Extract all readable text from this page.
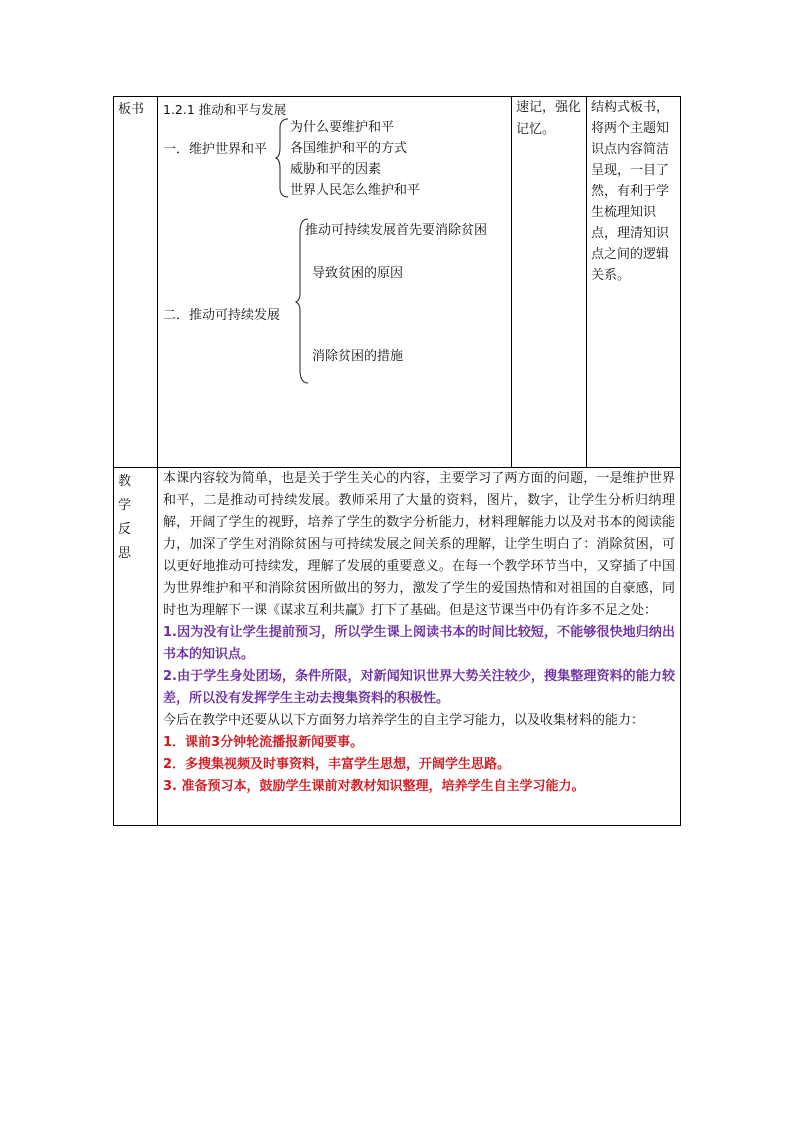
板书	1.2.1 推动和平与发展
一．维护世界和平
为什么要维护和平
各国维护和平的方式
威胁和平的因素
世界人民怎么维护和平
二．推动可持续发展
推动可持续发展首先要消除贫困
导致贫困的原因
消除贫困的措施
速记，强化记忆。
结构式板书，将两个主题知识点内容简洁呈现，一目了然，有利于学生梳理知识点，理清知识点之间的逻辑关系。
教学反思

本课内容较为简单，也是关于学生关心的内容，主要学习了两方面的问题，一是维护世界和平，二是推动可持续发展。教师采用了大量的资料，图片，数字，让学生分析归纳理解，开阔了学生的视野，培养了学生的数字分析能力，材料理解能力以及对书本的阅读能力，加深了学生对消除贫困与可持续发展之间关系的理解，让学生明白了：消除贫困，可以更好地推动可持续发，理解了发展的重要意义。在每一个教学环节当中，又穿插了中国为世界维护和平和消除贫困所做出的努力，激发了学生的爱国热情和对祖国的自豪感，同时也为理解下一课《谋求互利共赢》打下了基础。但是这节课当中仍有许多不足之处：

1.因为没有让学生提前预习，所以学生课上阅读书本的时间比较短，不能够很快地归纳出书本的知识点。

2.由于学生身处团场，条件所限，对新闻知识世界大势关注较少，搜集整理资料的能力较差，所以没有发挥学生主动去搜集资料的积极性。

今后在教学中还要从以下方面努力培养学生的自主学习能力，以及收集材料的能力：

1．课前3分钟轮流播报新闻要事。

2．多搜集视频及时事资料，丰富学生思想，开阔学生思路。

3. 准备预习本，鼓励学生课前对教材知识整理，培养学生自主学习能力。
